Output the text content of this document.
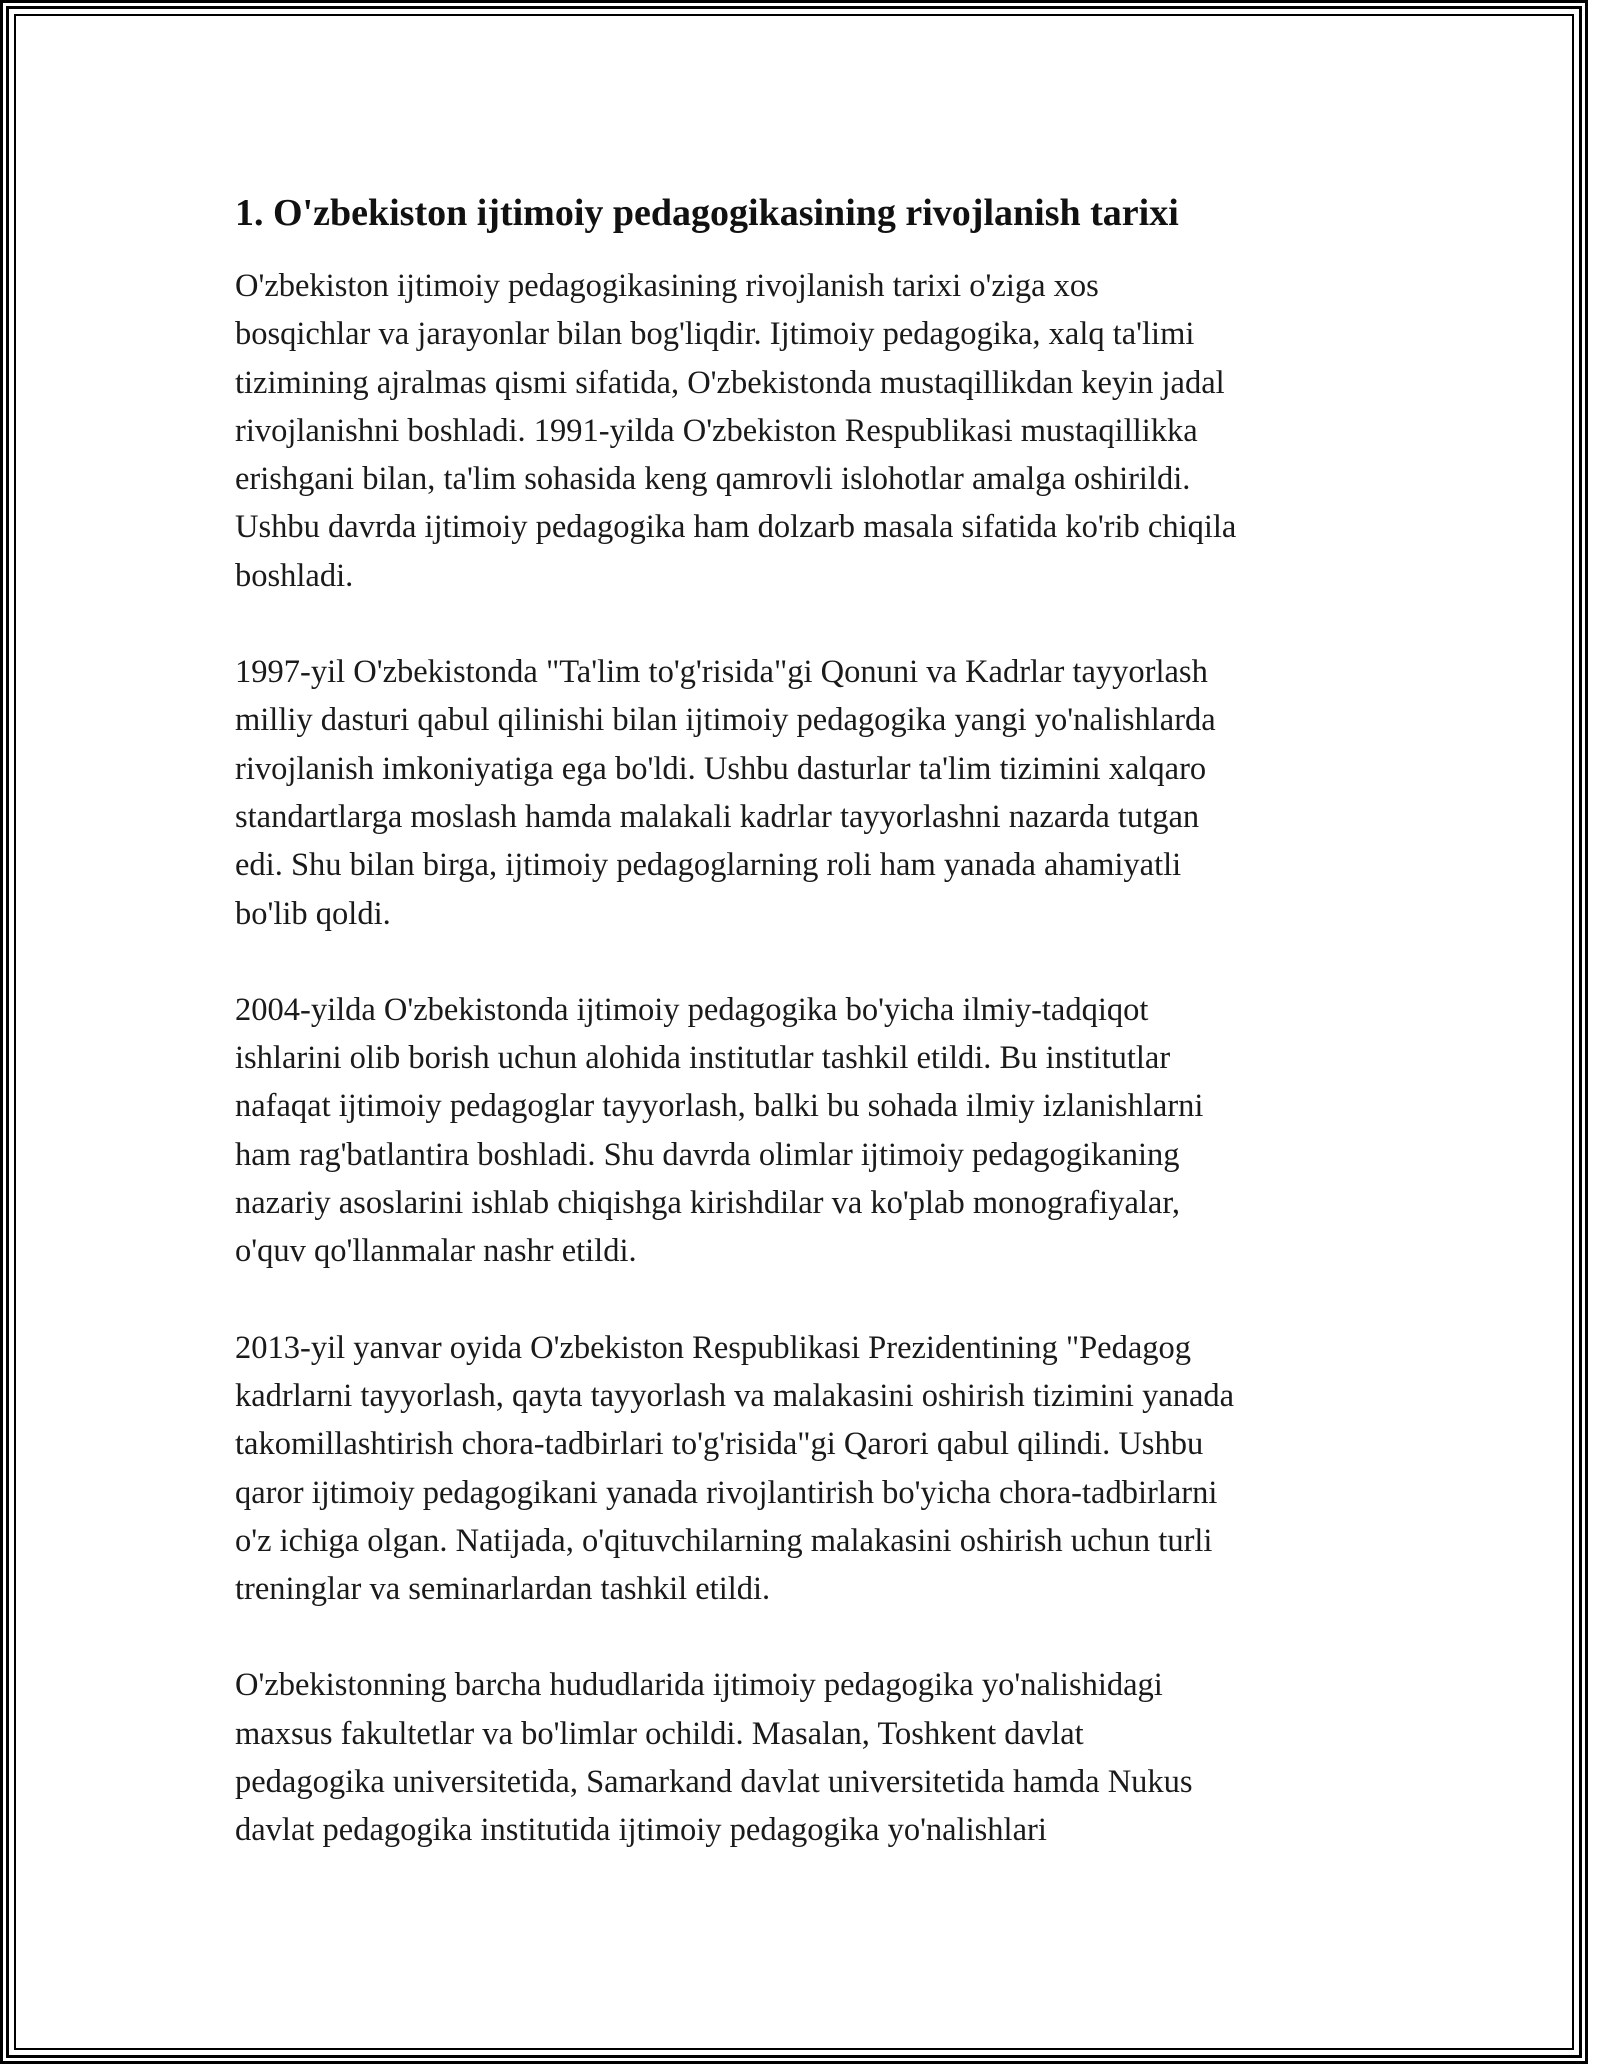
1. O'zbekiston ijtimoiy pedagogikasining rivojlanish tarixi
O'zbekiston ijtimoiy pedagogikasining rivojlanish tarixi o'ziga xos
bosqichlar va jarayonlar bilan bog'liqdir. Ijtimoiy pedagogika, xalq ta'limi
tizimining ajralmas qismi sifatida, O'zbekistonda mustaqillikdan keyin jadal
rivojlanishni boshladi. 1991-yilda O'zbekiston Respublikasi mustaqillikka
erishgani bilan, ta'lim sohasida keng qamrovli islohotlar amalga oshirildi.
Ushbu davrda ijtimoiy pedagogika ham dolzarb masala sifatida ko'rib chiqila
boshladi.
1997-yil O'zbekistonda "Ta'lim to'g'risida"gi Qonuni va Kadrlar tayyorlash
milliy dasturi qabul qilinishi bilan ijtimoiy pedagogika yangi yo'nalishlarda
rivojlanish imkoniyatiga ega bo'ldi. Ushbu dasturlar ta'lim tizimini xalqaro
standartlarga moslash hamda malakali kadrlar tayyorlashni nazarda tutgan
edi. Shu bilan birga, ijtimoiy pedagoglarning roli ham yanada ahamiyatli
bo'lib qoldi.
2004-yilda O'zbekistonda ijtimoiy pedagogika bo'yicha ilmiy-tadqiqot
ishlarini olib borish uchun alohida institutlar tashkil etildi. Bu institutlar
nafaqat ijtimoiy pedagoglar tayyorlash, balki bu sohada ilmiy izlanishlarni
ham rag'batlantira boshladi. Shu davrda olimlar ijtimoiy pedagogikaning
nazariy asoslarini ishlab chiqishga kirishdilar va ko'plab monografiyalar,
o'quv qo'llanmalar nashr etildi.
2013-yil yanvar oyida O'zbekiston Respublikasi Prezidentining "Pedagog
kadrlarni tayyorlash, qayta tayyorlash va malakasini oshirish tizimini yanada
takomillashtirish chora-tadbirlari to'g'risida"gi Qarori qabul qilindi. Ushbu
qaror ijtimoiy pedagogikani yanada rivojlantirish bo'yicha chora-tadbirlarni
o'z ichiga olgan. Natijada, o'qituvchilarning malakasini oshirish uchun turli
treninglar va seminarlardan tashkil etildi.
O'zbekistonning barcha hududlarida ijtimoiy pedagogika yo'nalishidagi
maxsus fakultetlar va bo'limlar ochildi. Masalan, Toshkent davlat
pedagogika universitetida, Samarkand davlat universitetida hamda Nukus
davlat pedagogika institutida ijtimoiy pedagogika yo'nalishlari
